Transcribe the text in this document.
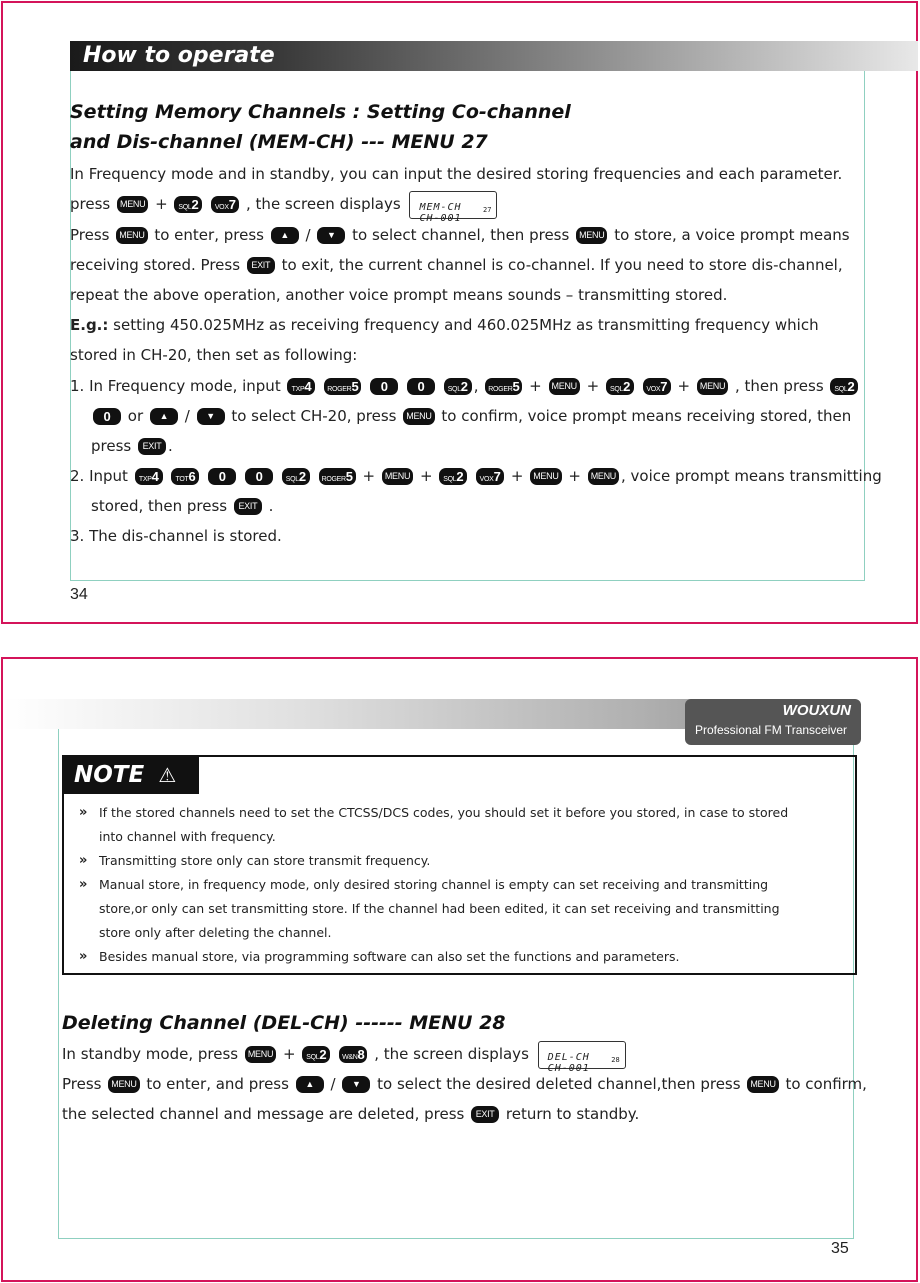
How to operate
Setting Memory Channels : Setting Co-channel
and Dis-channel (MEM-CH) --- MENU 27
In Frequency mode and in standby, you can input the desired storing frequencies and each parameter.
press MENU + SQL2 VOX7 , the screen displays MEM-CH
CH-001
27
Press MENU to enter, press ▲ / ▼ to select channel, then press MENU to store, a voice prompt means
receiving stored. Press EXIT to exit, the current channel is co-channel. If you need to store dis-channel,
repeat the above operation, another voice prompt means sounds – transmitting stored.
E.g.: setting 450.025MHz as receiving frequency and 460.025MHz as transmitting frequency which
stored in CH-20, then set as following:
1. In Frequency mode, input TXP4 ROGER5 0 0	SQL2 , ROGER5 + MENU + SQL2 VOX7 + MENU , then press SQL2
0 or ▲ / ▼ to select CH-20, press MENU to confirm, voice prompt means receiving stored, then
press EXIT .
2. Input TXP4 TOT6 0 0	SQL2 ROGER5 + MENU + SQL2 VOX7 + MENU + MENU , voice prompt means transmitting
stored, then press EXIT .
3. The dis-channel is stored.
34
WOUXUN
Professional FM Transceiver
NOTE ⚠
» If the stored channels need to set the CTCSS/DCS codes, you should set it before you stored, in case to stored
into channel with frequency.
» Transmitting store only can store transmit frequency.
» Manual store, in frequency mode, only desired storing channel is empty can set receiving and transmitting
store,or only can set transmitting store. If the channel had been edited, it can set receiving and transmitting
store only after deleting the channel.
» Besides manual store, via programming software can also set the functions and parameters.
Deleting Channel (DEL-CH) ------ MENU 28
In standby mode, press MENU + SQL2 W&N8 , the screen displays DEL-CH
CH-001
28
Press MENU to enter, and press ▲ / ▼ to select the desired deleted channel,then press MENU to confirm,
the selected channel and message are deleted, press EXIT return to standby.
35
